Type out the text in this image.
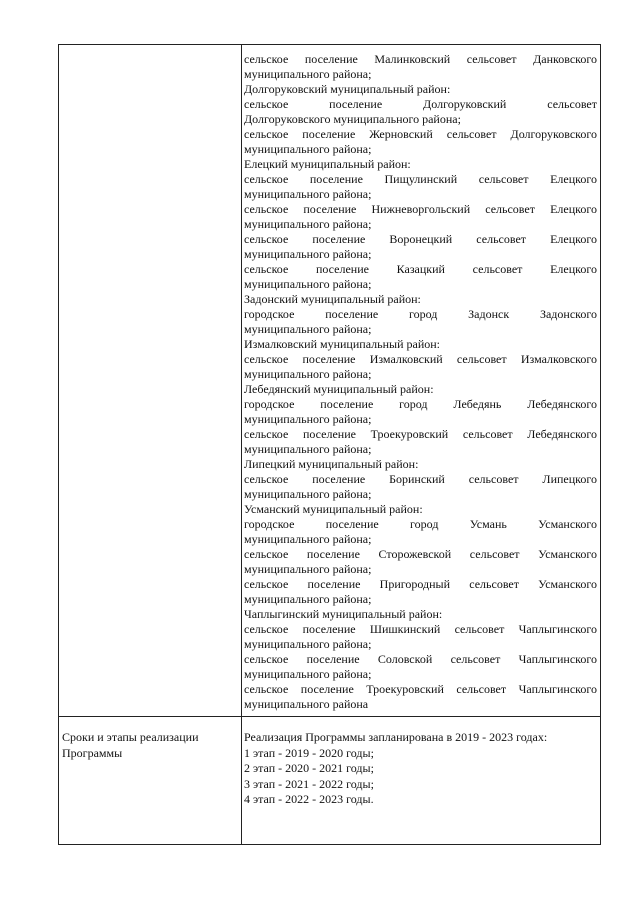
сельское поселение Малинковский сельсовет Данковского
муниципального района;
Долгоруковский муниципальный район:
сельское поселение Долгоруковский сельсовет
Долгоруковского муниципального района;
сельское поселение Жерновский сельсовет Долгоруковского
муниципального района;
Елецкий муниципальный район:
сельское поселение Пищулинский сельсовет Елецкого
муниципального района;
сельское поселение Нижневоргольский сельсовет Елецкого
муниципального района;
сельское поселение Воронецкий сельсовет Елецкого
муниципального района;
сельское поселение Казацкий сельсовет Елецкого
муниципального района;
Задонский муниципальный район:
городское поселение город Задонск Задонского
муниципального района;
Измалковский муниципальный район:
сельское поселение Измалковский сельсовет Измалковского
муниципального района;
Лебедянский муниципальный район:
городское поселение город Лебедянь Лебедянского
муниципального района;
сельское поселение Троекуровский сельсовет Лебедянского
муниципального района;
Липецкий муниципальный район:
сельское поселение Боринский сельсовет Липецкого
муниципального района;
Усманский муниципальный район:
городское поселение город Усмань Усманского
муниципального района;
сельское поселение Сторожевской сельсовет Усманского
муниципального района;
сельское поселение Пригородный сельсовет Усманского
муниципального района;
Чаплыгинский муниципальный район:
сельское поселение Шишкинский сельсовет Чаплыгинского
муниципального района;
сельское поселение Соловской сельсовет Чаплыгинского
муниципального района;
сельское поселение Троекуровский сельсовет Чаплыгинского
муниципального района
Сроки и этапы реализации
Программы
Реализация Программы запланирована в 2019 - 2023 годах:
1 этап - 2019 - 2020 годы;
2 этап - 2020 - 2021 годы;
3 этап - 2021 - 2022 годы;
4 этап - 2022 - 2023 годы.
